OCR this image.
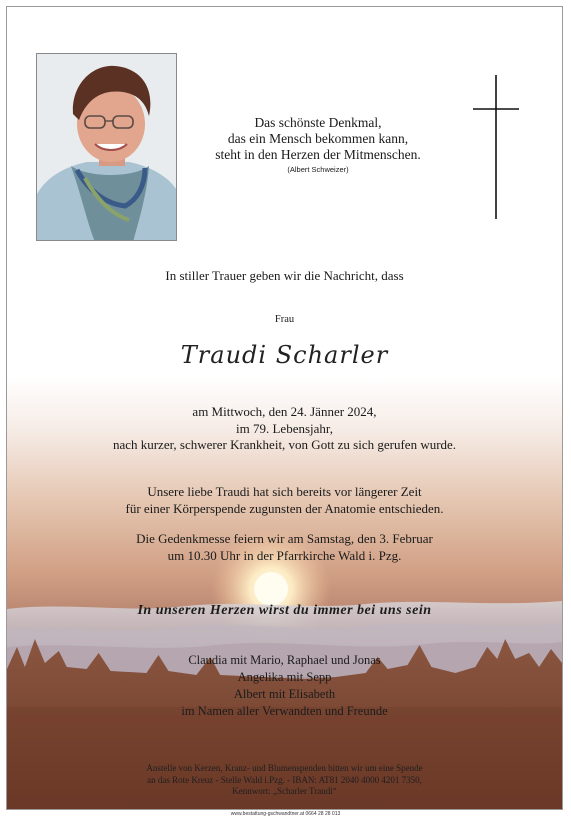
Das schönste Denkmal,
das ein Mensch bekommen kann,
steht in den Herzen der Mitmenschen.
(Albert Schweizer)
In stiller Trauer geben wir die Nachricht, dass
Frau
Traudi Scharler
am Mittwoch, den 24. Jänner 2024,
im 79. Lebensjahr,
nach kurzer, schwerer Krankheit, von Gott zu sich gerufen wurde.
Unsere liebe Traudi hat sich bereits vor längerer Zeit
für einer Körperspende zugunsten der Anatomie entschieden.
Die Gedenkmesse feiern wir am Samstag, den 3. Februar
um 10.30 Uhr in der Pfarrkirche Wald i. Pzg.
In unseren Herzen wirst du immer bei uns sein
Claudia mit Mario, Raphael und Jonas
Angelika mit Sepp
Albert mit Elisabeth
im Namen aller Verwandten und Freunde
Anstelle von Kerzen, Kranz- und Blumenspenden bitten wir um eine Spende
an das Rote Kreuz - Stelle Wald i.Pzg. - IBAN: AT81 2040 4000 4201 7350,
Kennwort: „Scharler Traudi“
www.bestattung-gschwandtner.at 0664 28 28 013
